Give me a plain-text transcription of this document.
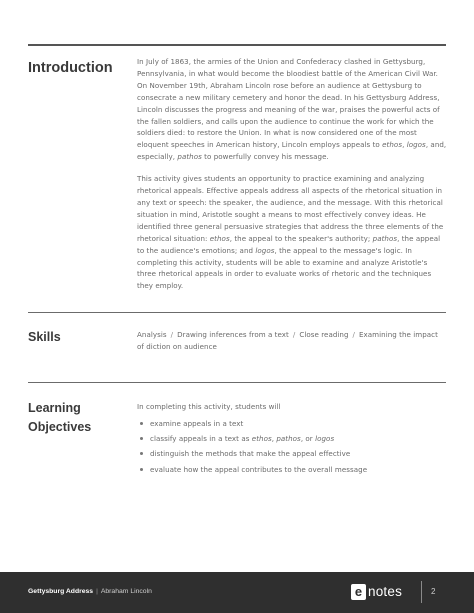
Introduction	In July of 1863, the armies of the Union and Confederacy clashed in Gettysburg, Pennsylvania, in what would become the bloodiest battle of the American Civil War. On November 19th, Abraham Lincoln rose before an audience at Gettysburg to consecrate a new military cemetery and honor the dead. In his Gettysburg Address, Lincoln discusses the progress and meaning of the war, praises the powerful acts of the fallen soldiers, and calls upon the audience to continue the work for which the soldiers died: to restore the Union. In what is now considered one of the most eloquent speeches in American history, Lincoln employs appeals to ethos, logos, and, especially, pathos to powerfully convey his message.

This activity gives students an opportunity to practice examining and analyzing rhetorical appeals. Effective appeals address all aspects of the rhetorical situation in any text or speech: the speaker, the audience, and the message. With this rhetorical situation in mind, Aristotle sought a means to most effectively convey ideas. He identified three general persuasive strategies that address the three elements of the rhetorical situation: ethos, the appeal to the speaker's authority; pathos, the appeal to the audience's emotions; and logos, the appeal to the message's logic. In completing this activity, students will be able to examine and analyze Aristotle's three rhetorical appeals in order to evaluate works of rhetoric and the techniques they employ.

Skills	Analysis / Drawing inferences from a text / Close reading / Examining the impact of diction on audience
Learning
Objectives

In completing this activity, students will

examine appeals in a text
classify appeals in a text as ethos, pathos, or logos
distinguish the methods that make the appeal effective
evaluate how the appeal contributes to the overall message
Gettysburg Address | Abraham Lincoln	e notes	2
